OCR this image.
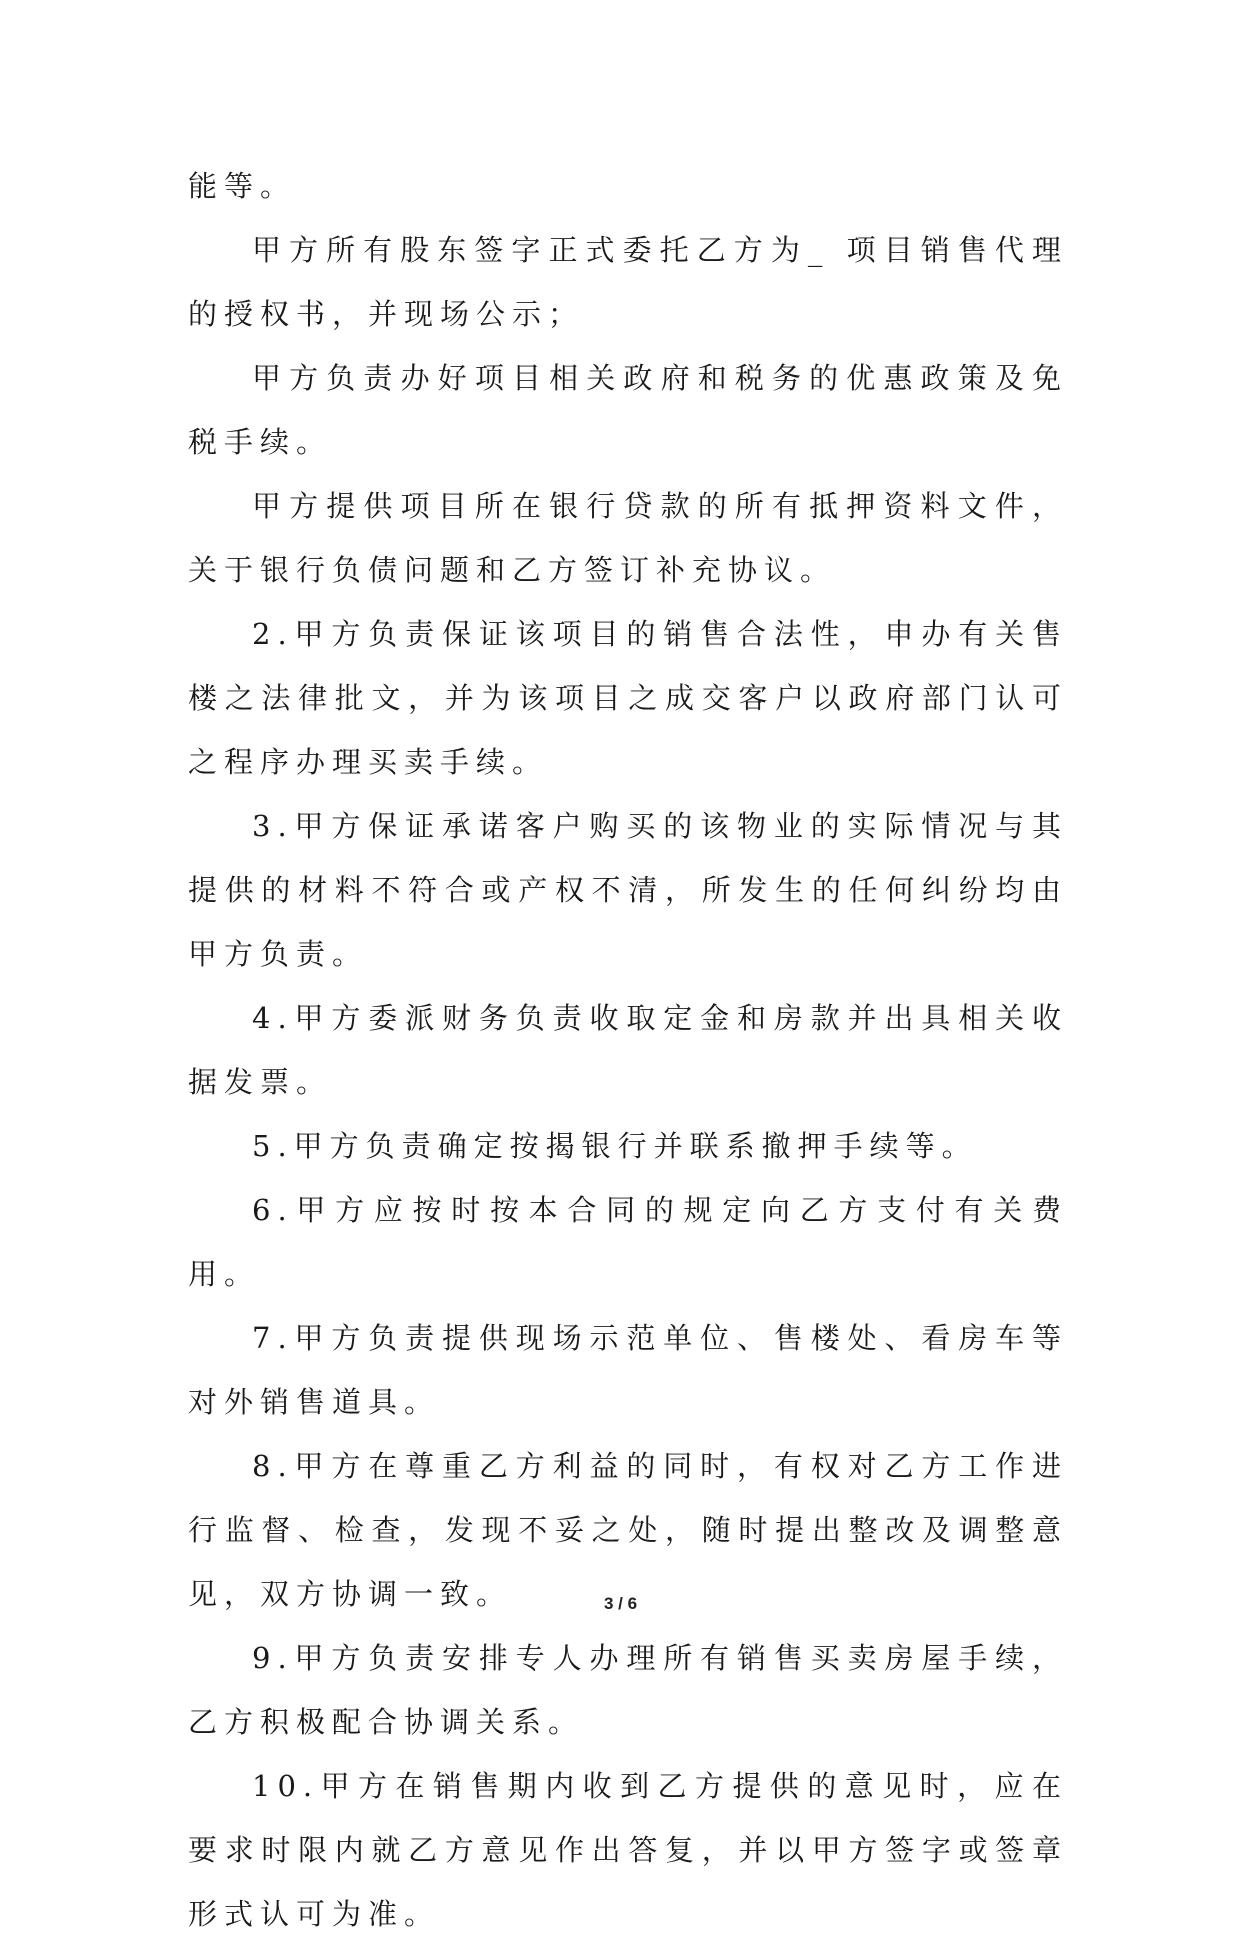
能等。

甲方所有股东签字正式委托乙方为_ 项目销售代理的授权书，并现场公示；

甲方负责办好项目相关政府和税务的优惠政策及免税手续。

甲方提供项目所在银行贷款的所有抵押资料文件，关于银行负债问题和乙方签订补充协议。

2.甲方负责保证该项目的销售合法性，申办有关售楼之法律批文，并为该项目之成交客户以政府部门认可之程序办理买卖手续。

3.甲方保证承诺客户购买的该物业的实际情况与其提供的材料不符合或产权不清，所发生的任何纠纷均由甲方负责。

4.甲方委派财务负责收取定金和房款并出具相关收据发票。

5.甲方负责确定按揭银行并联系撤押手续等。

6.甲方应按时按本合同的规定向乙方支付有关费用。

7.甲方负责提供现场示范单位、售楼处、看房车等对外销售道具。

8.甲方在尊重乙方利益的同时，有权对乙方工作进行监督、检查，发现不妥之处，随时提出整改及调整意见，双方协调一致。

9.甲方负责安排专人办理所有销售买卖房屋手续，乙方积极配合协调关系。

10.甲方在销售期内收到乙方提供的意见时，应在要求时限内就乙方意见作出答复，并以甲方签字或签章形式认可为准。

3 / 6
